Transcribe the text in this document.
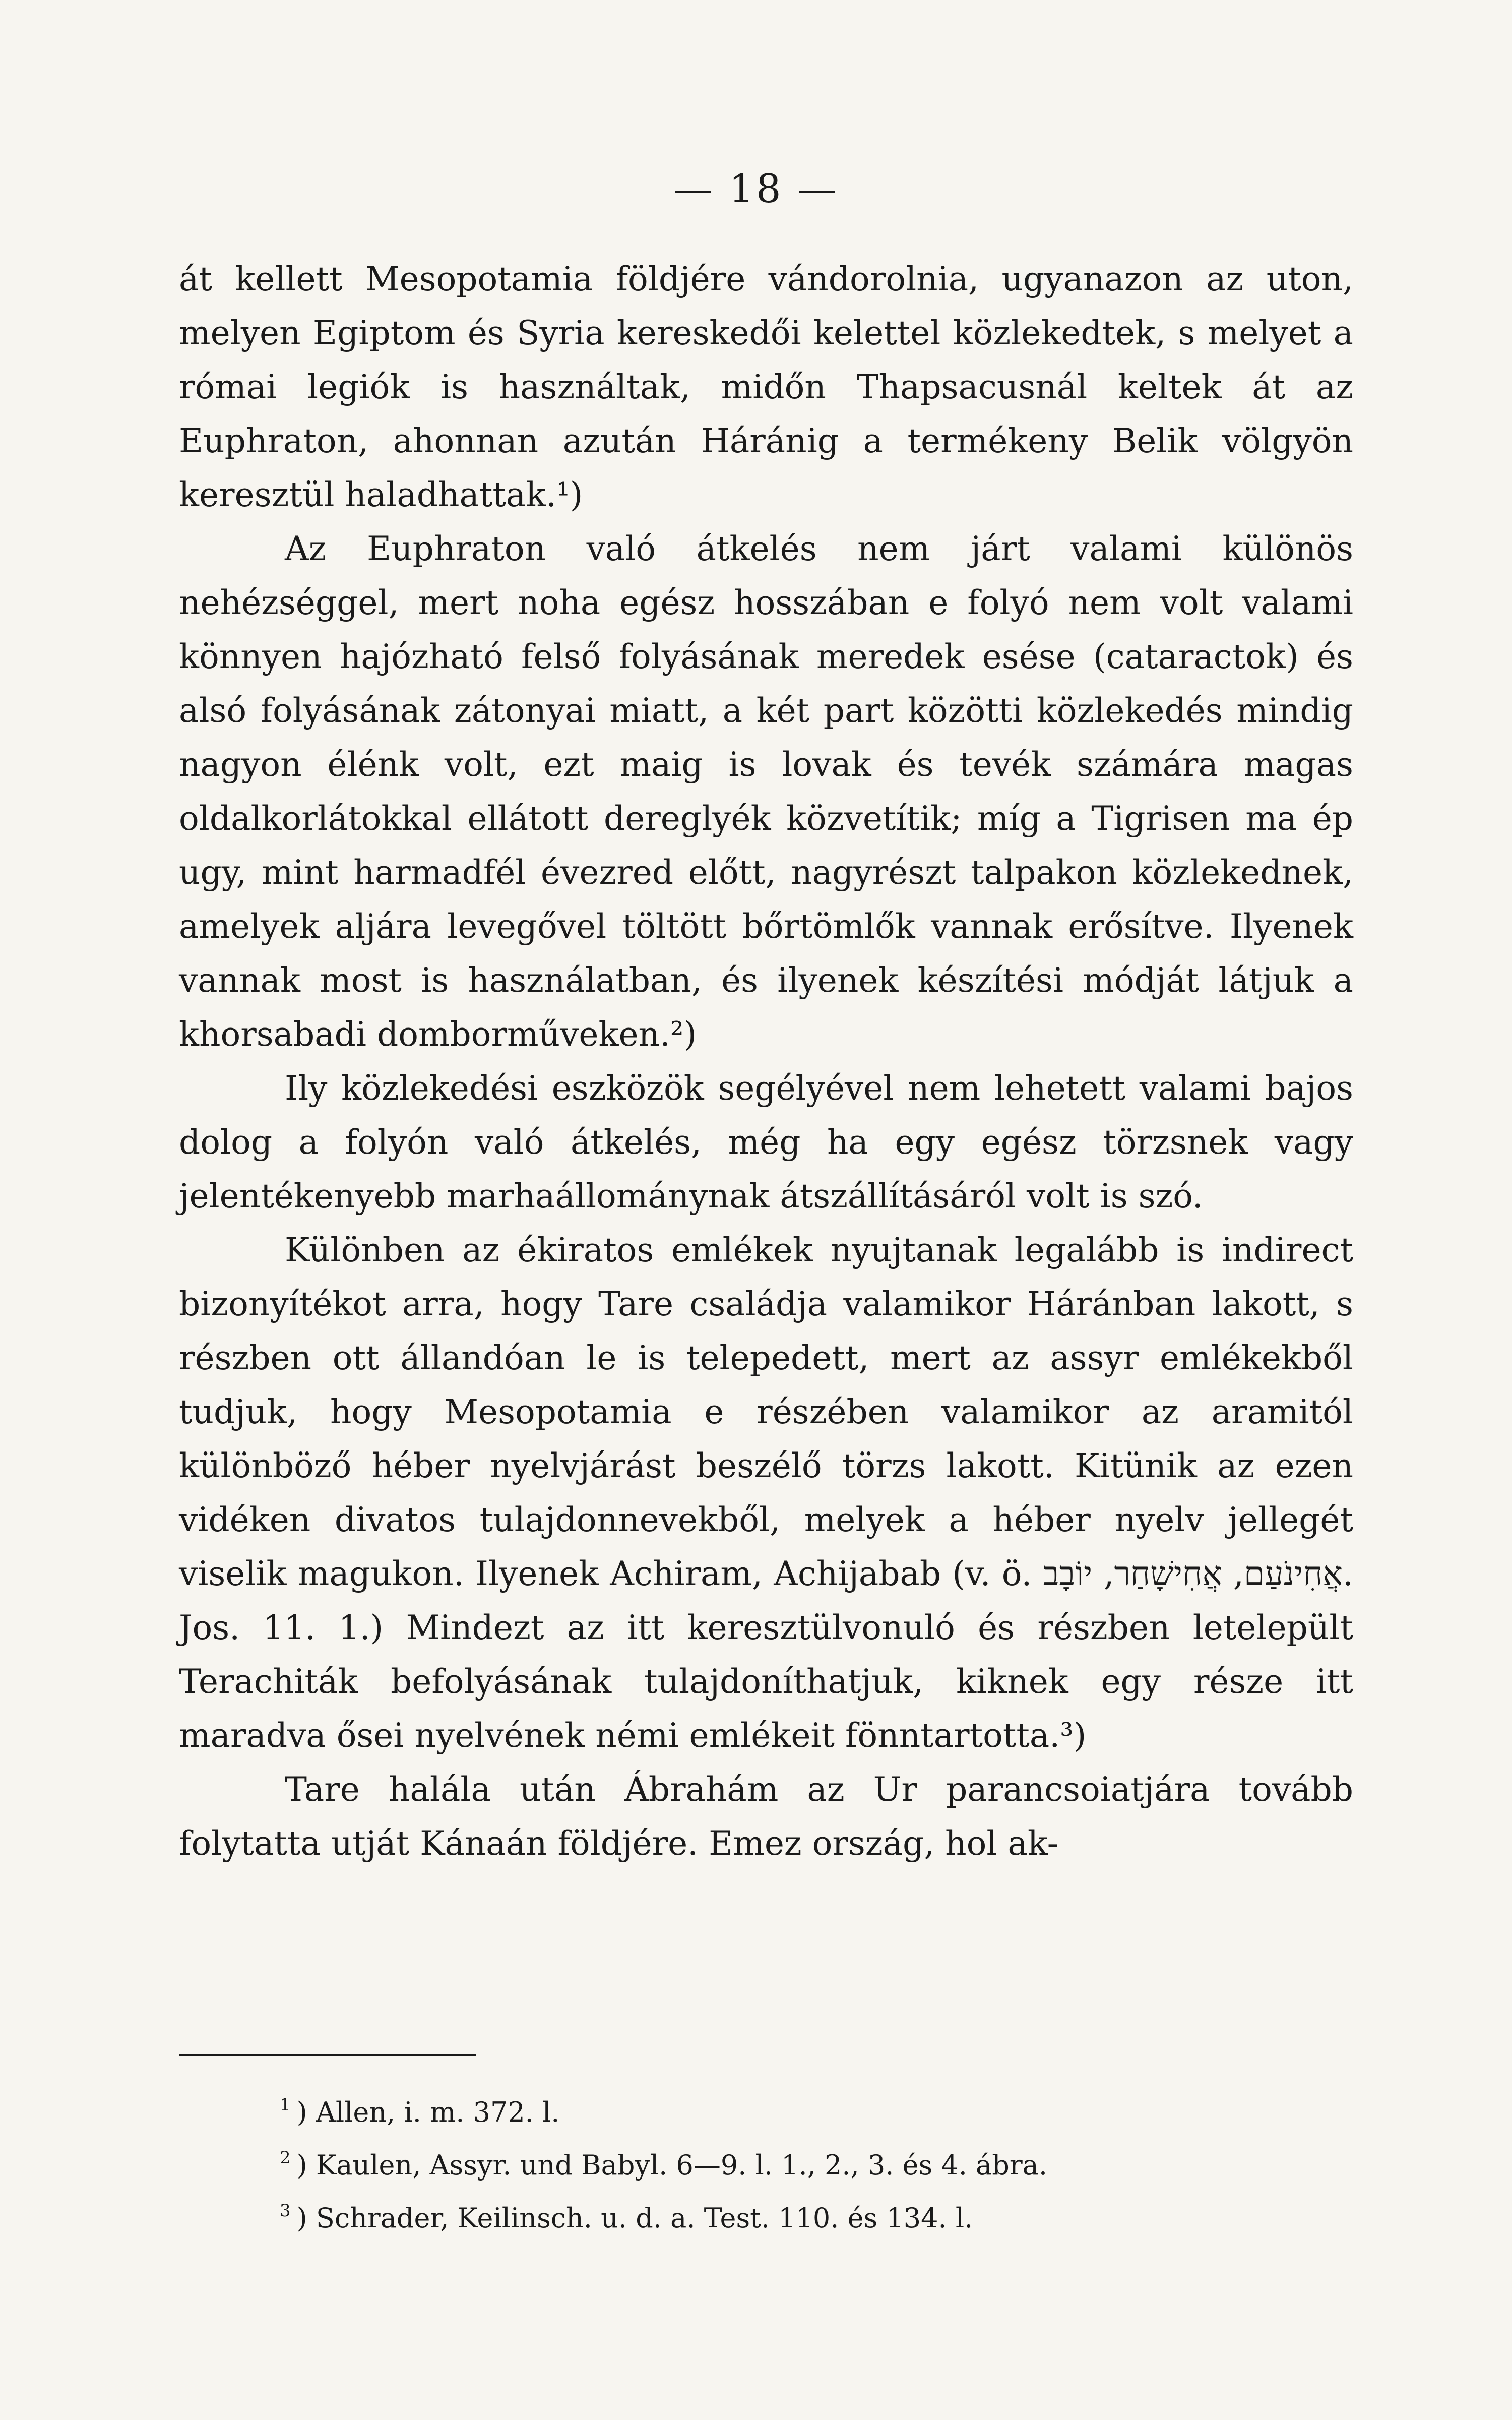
— 18 —

át kellett Mesopotamia földjére vándorolnia, ugyanazon az uton, melyen Egiptom és Syria kereskedői kelettel közlekedtek, s melyet a római legiók is használtak, midőn Thapsacusnál keltek át az Euphraton, ahonnan azután Háránig a termékeny Belik völgyön keresztül haladhattak.¹)

Az Euphraton való átkelés nem járt valami különös nehézséggel, mert noha egész hosszában e folyó nem volt valami könnyen hajózható felső folyásának meredek esése (cataractok) és alsó folyásának zátonyai miatt, a két part közötti közlekedés mindig nagyon élénk volt, ezt maig is lovak és tevék számára magas oldalkorlátokkal ellátott dereglyék közvetítik; míg a Tigrisen ma ép ugy, mint harmadfél évezred előtt, nagyrészt talpakon közlekednek, amelyek aljára levegővel töltött bőrtömlők vannak erősítve. Ilyenek vannak most is használatban, és ilyenek készítési módját látjuk a khorsabadi domborműveken.²)

Ily közlekedési eszközök segélyével nem lehetett valami bajos dolog a folyón való átkelés, még ha egy egész törzsnek vagy jelentékenyebb marhaállománynak átszállításáról volt is szó.

Különben az ékiratos emlékek nyujtanak legalább is indirect bizonyítékot arra, hogy Tare családja valamikor Háránban lakott, s részben ott állandóan le is telepedett, mert az assyr emlékekből tudjuk, hogy Mesopotamia e részében valamikor az aramitól különböző héber nyelvjárást beszélő törzs lakott. Kitünik az ezen vidéken divatos tulajdonnevekből, melyek a héber nyelv jellegét viselik magukon. Ilyenek Achiram, Achijabab (v. ö. אֲחִינֹעַם, אֲחִישָׁחַר, יוֹבָב. Jos. 11. 1.) Mindezt az itt keresztülvonuló és részben letelepült Terachiták befolyásának tulajdoníthatjuk, kiknek egy része itt maradva ősei nyelvének némi emlékeit fönntartotta.³)

Tare halála után Ábrahám az Ur parancsoiatjára tovább folytatta utját Kánaán földjére. Emez ország, hol ak-

$^1$ ) Allen, i. m. 372. l.

$^2$ ) Kaulen, Assyr. und Babyl. 6—9. l. 1., 2., 3. és 4. ábra.

$^3$ ) Schrader, Keilinsch. u. d. a. Test. 110. és 134. l.
